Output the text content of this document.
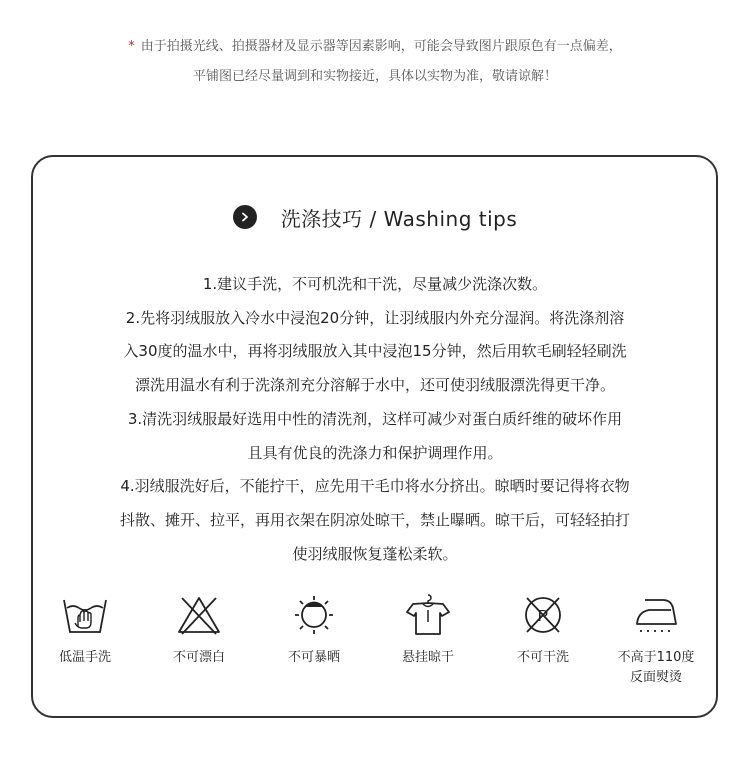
* 由于拍摄光线、拍摄器材及显示器等因素影响，可能会导致图片跟原色有一点偏差，
平铺图已经尽量调到和实物接近，具体以实物为准，敬请谅解！
洗涤技巧 / Washing tips

1.建议手洗，不可机洗和干洗，尽量减少洗涤次数。

2.先将羽绒服放入冷水中浸泡20分钟，让羽绒服内外充分湿润。将洗涤剂溶

入30度的温水中，再将羽绒服放入其中浸泡15分钟，然后用软毛刷轻轻刷洗

漂洗用温水有利于洗涤剂充分溶解于水中，还可使羽绒服漂洗得更干净。

3.清洗羽绒服最好选用中性的清洗剂，这样可减少对蛋白质纤维的破坏作用

且具有优良的洗涤力和保护调理作用。

4.羽绒服洗好后，不能拧干，应先用干毛巾将水分挤出。晾晒时要记得将衣物

抖散、摊开、拉平，再用衣架在阴凉处晾干，禁止曝晒。晾干后，可轻轻拍打

使羽绒服恢复蓬松柔软。

低温手洗	不可漂白	不可暴晒	悬挂晾干
P
不可干洗	不高于110度
反面熨烫
